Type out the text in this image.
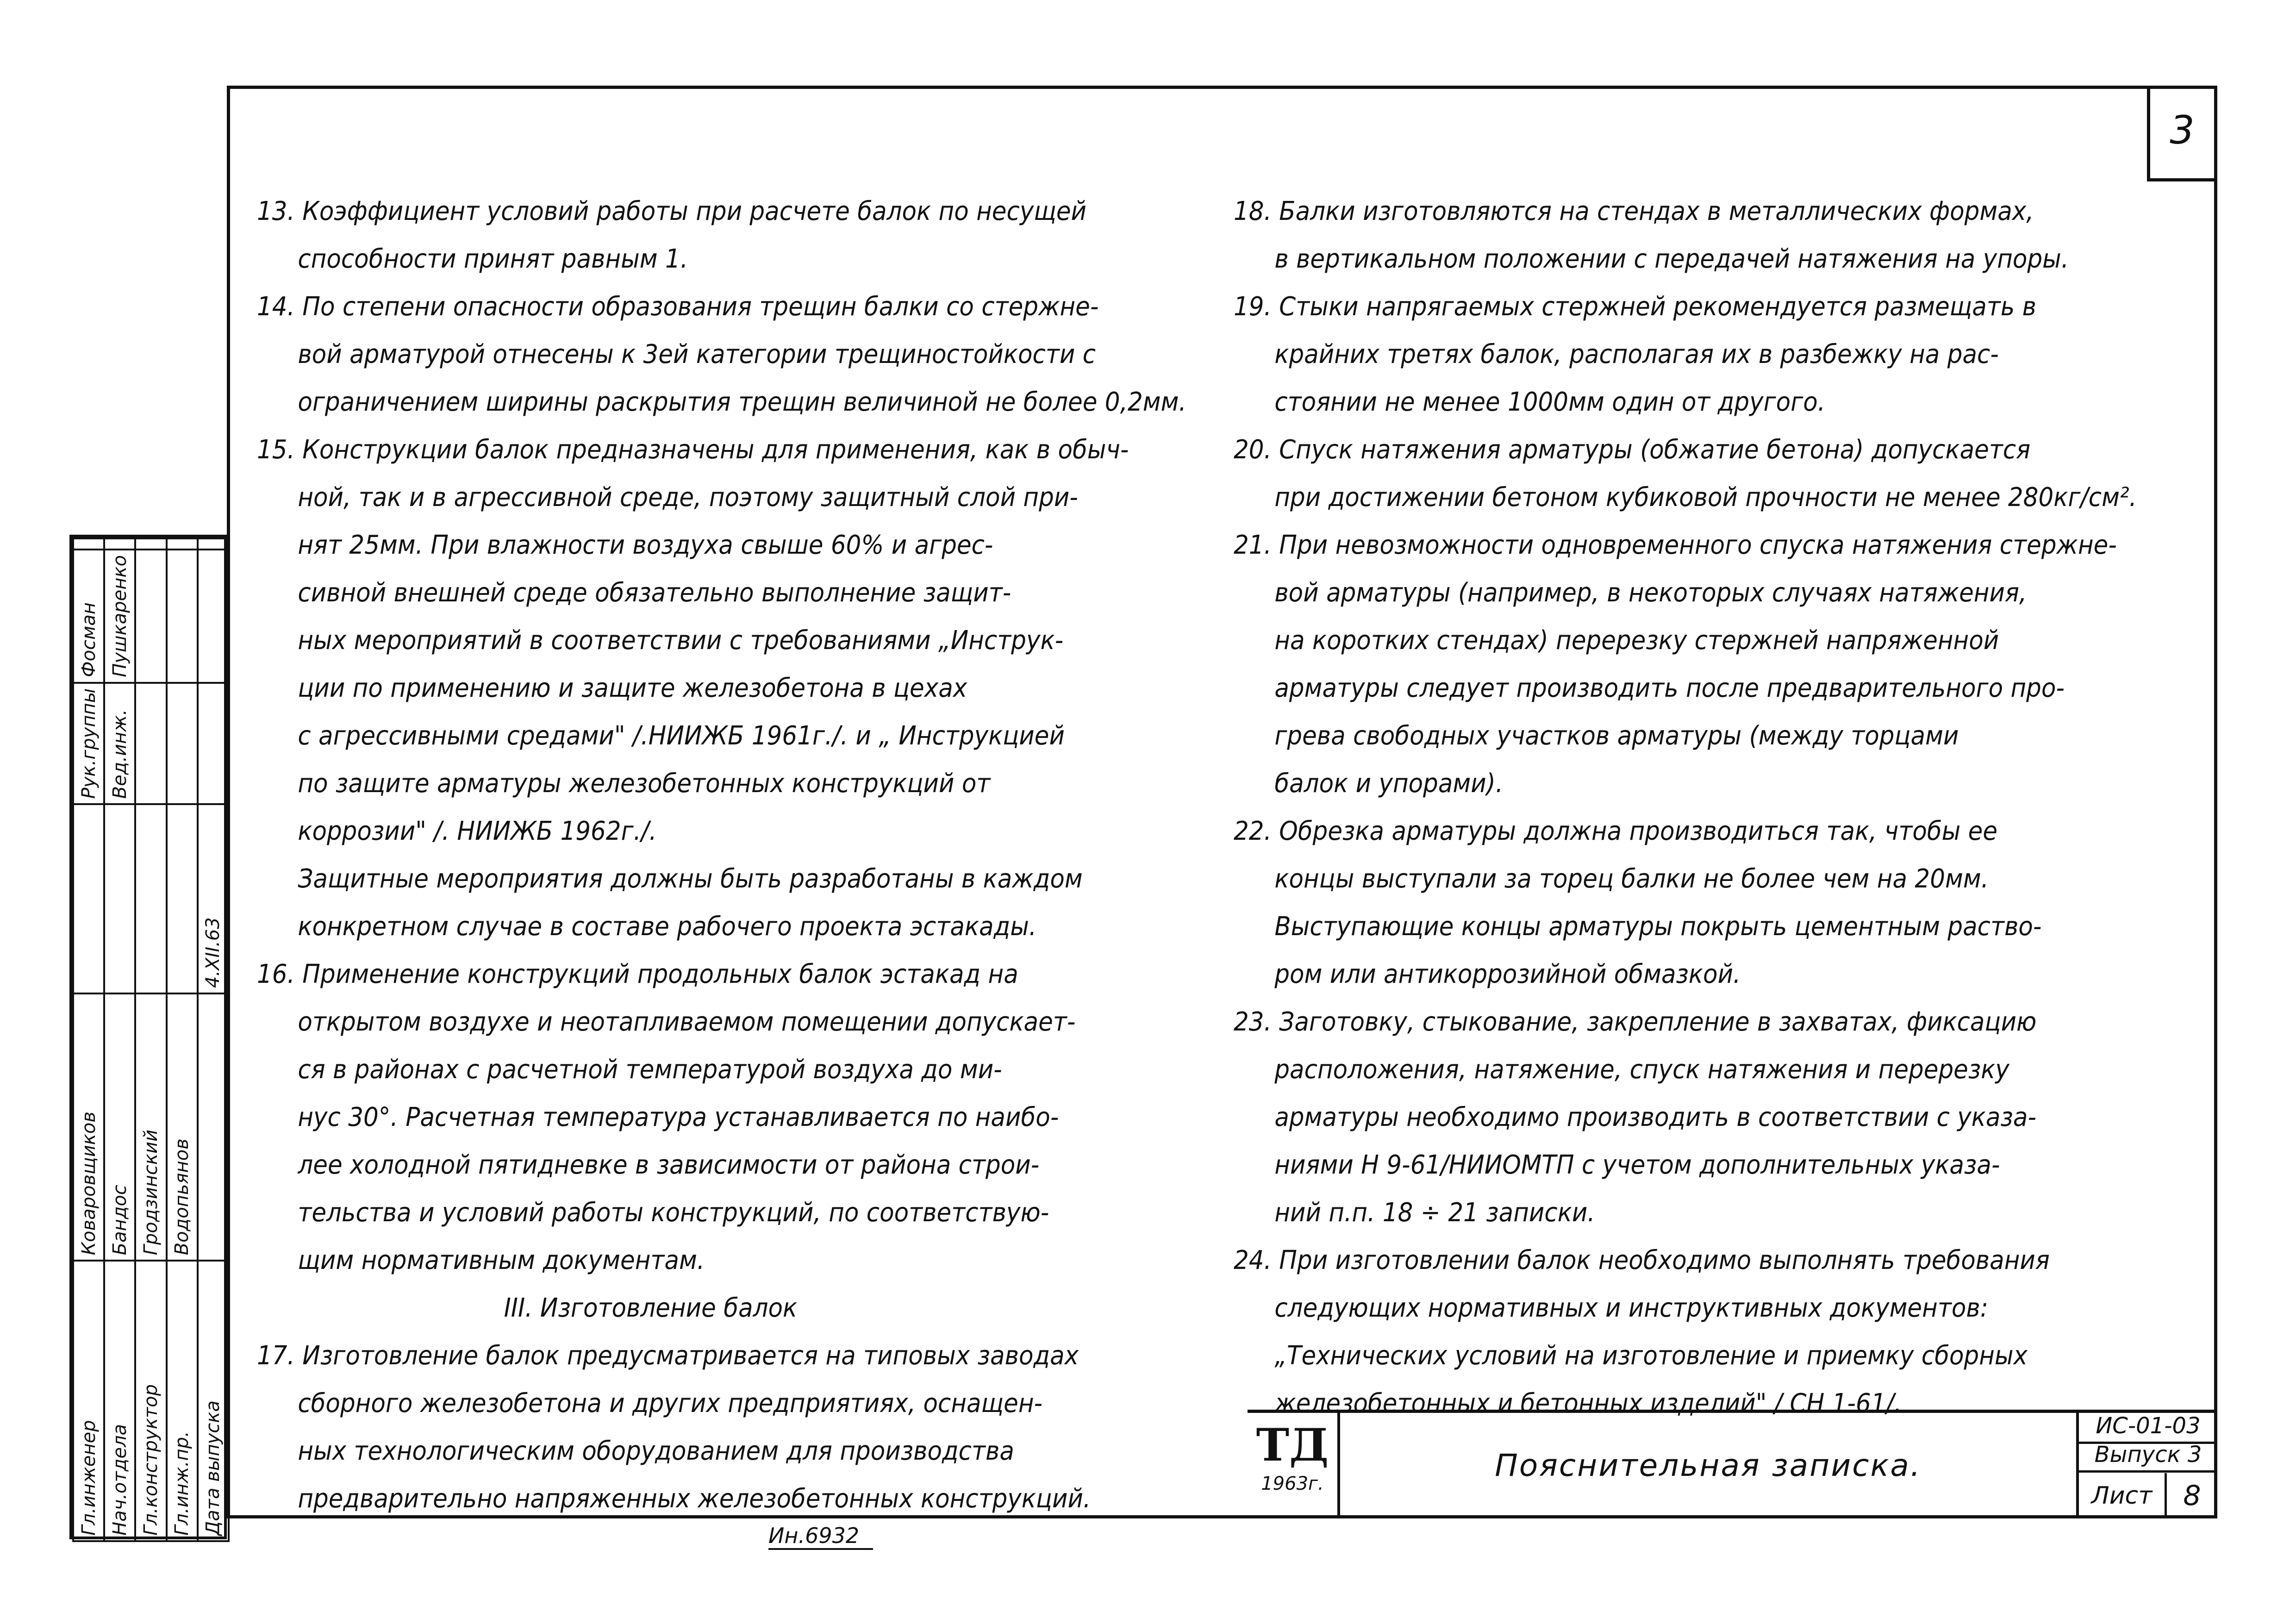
3
13. Коэффициент условий работы при расчете балок по несущей
способности принят равным 1.
14. По степени опасности образования трещин балки со стержне-
вой арматурой отнесены к 3ей категории трещиностойкости с
ограничением ширины раскрытия трещин величиной не более 0,2мм.
15. Конструкции балок предназначены для применения, как в обыч-
ной, так и в агрессивной среде, поэтому защитный слой при-
нят 25мм. При влажности воздуха свыше 60% и агрес-
сивной внешней среде обязательно выполнение защит-
ных мероприятий в соответствии с требованиями „Инструк-
ции по применению и защите железобетона в цехах
с агрессивными средами" /.НИИЖБ 1961г./. и „ Инструкцией
по защите арматуры железобетонных конструкций от
коррозии" /. НИИЖБ 1962г./.
Защитные мероприятия должны быть разработаны в каждом
конкретном случае в составе рабочего проекта эстакады.
16. Применение конструкций продольных балок эстакад на
открытом воздухе и неотапливаемом помещении допускает-
ся в районах с расчетной температурой воздуха до ми-
нус 30°. Расчетная температура устанавливается по наибо-
лее холодной пятидневке в зависимости от района строи-
тельства и условий работы конструкций, по соответствую-
щим нормативным документам.
III. Изготовление балок
17. Изготовление балок предусматривается на типовых заводах
сборного железобетона и других предприятиях, оснащен-
ных технологическим оборудованием для производства
предварительно напряженных железобетонных конструкций.
18. Балки изготовляются на стендах в металлических формах,
в вертикальном положении с передачей натяжения на упоры.
19. Стыки напрягаемых стержней рекомендуется размещать в
крайних третях балок, располагая их в разбежку на рас-
стоянии не менее 1000мм один от другого.
20. Спуск натяжения арматуры (обжатие бетона) допускается
при достижении бетоном кубиковой прочности не менее 280кг/см².
21. При невозможности одновременного спуска натяжения стержне-
вой арматуры (например, в некоторых случаях натяжения,
на коротких стендах) перерезку стержней напряженной
арматуры следует производить после предварительного про-
грева свободных участков арматуры (между торцами
балок и упорами).
22. Обрезка арматуры должна производиться так, чтобы ее
концы выступали за торец балки не более чем на 20мм.
Выступающие концы арматуры покрыть цементным раство-
ром или антикоррозийной обмазкой.
23. Заготовку, стыкование, закрепление в захватах, фиксацию
расположения, натяжение, спуск натяжения и перерезку
арматуры необходимо производить в соответствии с указа-
ниями Н 9-61/НИИОМТП с учетом дополнительных указа-
ний п.п. 18 ÷ 21 записки.
24. При изготовлении балок необходимо выполнять требования
следующих нормативных и инструктивных документов:
„Технических условий на изготовление и приемку сборных
железобетонных и бетонных изделий" / СН 1-61/.
Гл.инженер	Коваровщиков		Рук.группы	Фосман	
Нач.отдела	Бандос		Вед.инж.	Пушкаренко	
Гл.конструктор	Гродзинский				
Гл.инж.пр.	Водопьянов				
Дата выпуска		4.XII.63			
ТД
1963г.
Пояснительная записка.
ИС-01-03
Выпуск 3
Лист	8
Ин.6932
